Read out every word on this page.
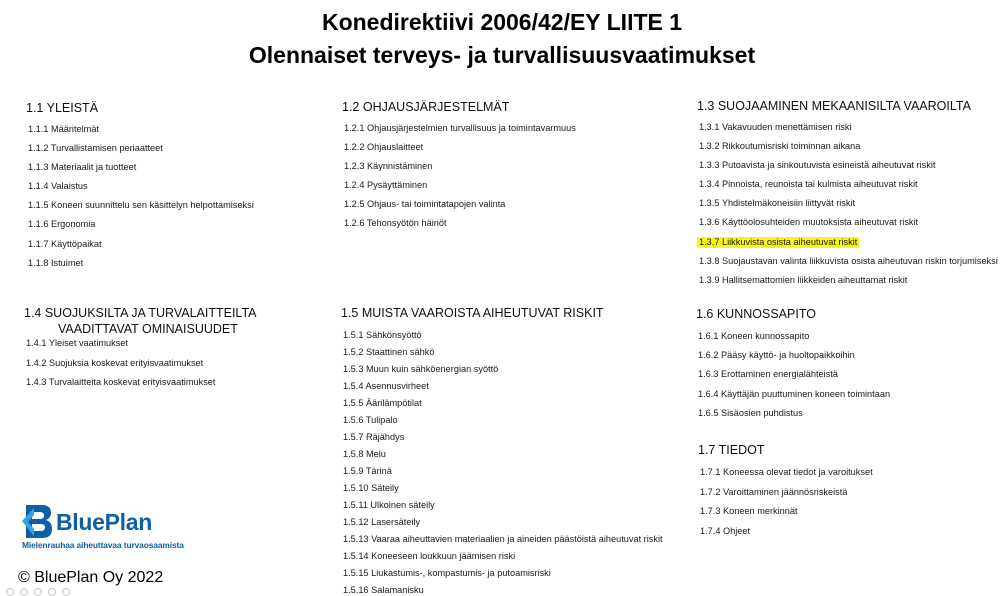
Konedirektiivi 2006/42/EY LIITE 1
Olennaiset terveys- ja turvallisuusvaatimukset
1.1 YLEISTÄ
1.1.1 Määritelmät
1.1.2 Turvallistamisen periaatteet
1.1.3 Materiaalit ja tuotteet
1.1.4 Valaistus
1.1.5 Koneen suunnittelu sen käsittelyn helpottamiseksi
1.1.6 Ergonomia
1.1.7 Käyttöpaikat
1.1.8 Istuimet
1.2 OHJAUSJÄRJESTELMÄT
1.2.1 Ohjausjärjestelmien turvallisuus ja toimintavarmuus
1.2.2 Ohjauslaitteet
1.2.3 Käynnistäminen
1.2.4 Pysäyttäminen
1.2.5 Ohjaus- tai toimintatapojen valinta
1.2.6 Tehonsyötön häiriöt
1.3 SUOJAAMINEN MEKAANISILTA VAAROILTA
1.3.1 Vakavuuden menettämisen riski
1.3.2 Rikkoutumisriski toiminnan aikana
1.3.3 Putoavista ja sinkoutuvista esineistä aiheutuvat riskit
1.3.4 Pinnoista, reunoista tai kulmista aiheutuvat riskit
1.3.5 Yhdistelmäkoneisiin liittyvät riskit
1.3.6 Käyttöolosuhteiden muutoksista aiheutuvat riskit
1.3.7 Liikkuvista osista aiheutuvat riskit
1.3.8 Suojaustavan valinta liikkuvista osista aiheutuvan riskin torjumiseksi
1.3.9 Hallitsemattomien liikkeiden aiheuttamat riskit
1.4 SUOJUKSILTA JA TURVALAITTEILTA
VAADITTAVAT OMINAISUUDET
1.4.1 Yleiset vaatimukset
1.4.2 Suojuksia koskevat erityisvaatimukset
1.4.3 Turvalaitteita koskevat erityisvaatimukset
1.5 MUISTA VAAROISTA AIHEUTUVAT RISKIT
1.5.1 Sähkönsyöttö
1.5.2 Staattinen sähkö
1.5.3 Muun kuin sähköenergian syöttö
1.5.4 Asennusvirheet
1.5.5 Äärilämpötilat
1.5.6 Tulipalo
1.5.7 Räjähdys
1.5.8 Melu
1.5.9 Tärinä
1.5.10 Säteily
1.5.11 Ulkoinen säteily
1.5.12 Lasersäteily
1.5.13 Vaaraa aiheuttavien materiaalien ja aineiden päästöistä aiheutuvat riskit
1.5.14 Koneeseen loukkuun jäämisen riski
1.5.15 Liukastumis-, kompastumis- ja putoamisriski
1.5.16 Salamanisku
1.6 KUNNOSSAPITO
1.6.1 Koneen kunnossapito
1.6.2 Pääsy käyttö- ja huoltopaikkoihin
1.6.3 Erottaminen energialähteistä
1.6.4 Käyttäjän puuttuminen koneen toimintaan
1.6.5 Sisäosien puhdistus
1.7 TIEDOT
1.7.1 Koneessa olevat tiedot ja varoitukset
1.7.2 Varoittaminen jäännösriskeistä
1.7.3 Koneen merkinnät
1.7.4 Ohjeet
BluePlan
Mielenrauhaa aiheuttavaa turvaosaamista
© BluePlan Oy 2022
